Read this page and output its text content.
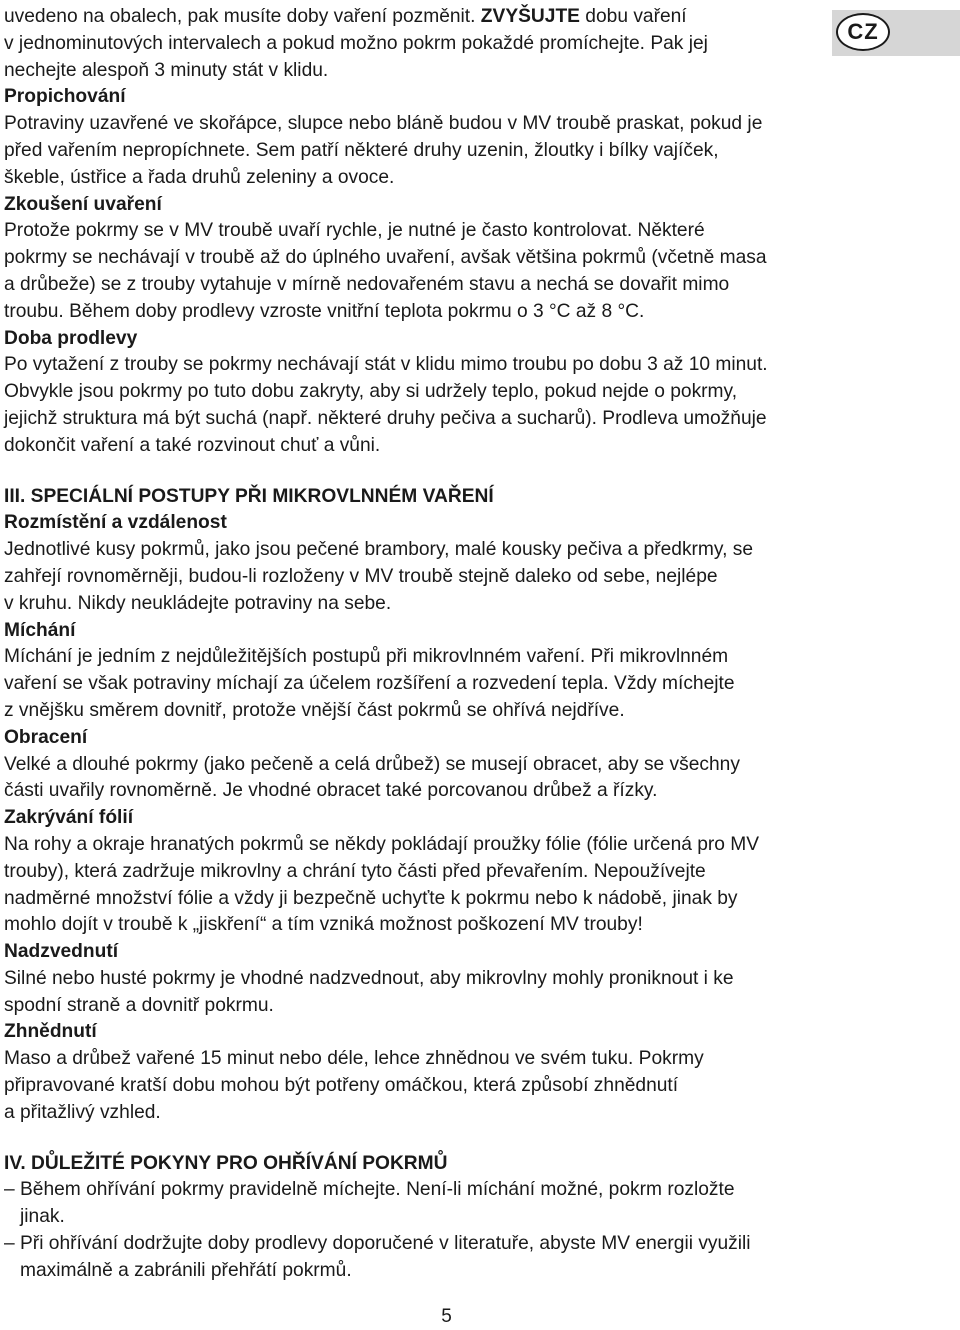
CZ
uvedeno na obalech, pak musíte doby vaření pozměnit. ZVYŠUJTE dobu vaření
v jednominutových intervalech a pokud možno pokrm pokaždé promíchejte. Pak jej
nechejte alespoň 3 minuty stát v klidu.
Propichování
Potraviny uzavřené ve skořápce, slupce nebo bláně budou v MV troubě praskat, pokud je
před vařením nepropíchnete. Sem patří některé druhy uzenin, žloutky i bílky vajíček,
škeble, ústřice a řada druhů zeleniny a ovoce.
Zkoušení uvaření
Protože pokrmy se v MV troubě uvaří rychle, je nutné je často kontrolovat. Některé
pokrmy se nechávají v troubě až do úplného uvaření, avšak většina pokrmů (včetně masa
a drůbeže) se z trouby vytahuje v mírně nedovařeném stavu a nechá se dovařit mimo
troubu. Během doby prodlevy vzroste vnitřní teplota pokrmu o 3 °C až 8 °C.
Doba prodlevy
Po vytažení z trouby se pokrmy nechávají stát v klidu mimo troubu po dobu 3 až 10 minut.
Obvykle jsou pokrmy po tuto dobu zakryty, aby si udržely teplo, pokud nejde o pokrmy,
jejichž struktura má být suchá (např. některé druhy pečiva a sucharů). Prodleva umožňuje
dokončit vaření a také rozvinout chuť a vůni.
III. SPECIÁLNÍ POSTUPY PŘI MIKROVLNNÉM VAŘENÍ
Rozmístění a vzdálenost
Jednotlivé kusy pokrmů, jako jsou pečené brambory, malé kousky pečiva a předkrmy, se
zahřejí rovnoměrněji, budou-li rozloženy v MV troubě stejně daleko od sebe, nejlépe
v kruhu. Nikdy neukládejte potraviny na sebe.
Míchání
Míchání je jedním z nejdůležitějších postupů při mikrovlnném vaření. Při mikrovlnném
vaření se však potraviny míchají za účelem rozšíření a rozvedení tepla. Vždy míchejte
z vnějšku směrem dovnitř, protože vnější část pokrmů se ohřívá nejdříve.
Obracení
Velké a dlouhé pokrmy (jako pečeně a celá drůbež) se musejí obracet, aby se všechny
části uvařily rovnoměrně. Je vhodné obracet také porcovanou drůbež a řízky.
Zakrývání fólií
Na rohy a okraje hranatých pokrmů se někdy pokládají proužky fólie (fólie určená pro MV
trouby), která zadržuje mikrovlny a chrání tyto části před převařením. Nepoužívejte
nadměrné množství fólie a vždy ji bezpečně uchyťte k pokrmu nebo k nádobě, jinak by
mohlo dojít v troubě k „jiskření“ a tím vzniká možnost poškození MV trouby!
Nadzvednutí
Silné nebo husté pokrmy je vhodné nadzvednout, aby mikrovlny mohly proniknout i ke
spodní straně a dovnitř pokrmu.
Zhnědnutí
Maso a drůbež vařené 15 minut nebo déle, lehce zhnědnou ve svém tuku. Pokrmy
připravované kratší dobu mohou být potřeny omáčkou, která způsobí zhnědnutí
a přitažlivý vzhled.
IV. DŮLEŽITÉ POKYNY PRO OHŘÍVÁNÍ POKRMŮ
– Během ohřívání pokrmy pravidelně míchejte. Není-li míchání možné, pokrm rozložte
jinak.
– Při ohřívání dodržujte doby prodlevy doporučené v literatuře, abyste MV energii využili
maximálně a zabránili přehřátí pokrmů.
5
